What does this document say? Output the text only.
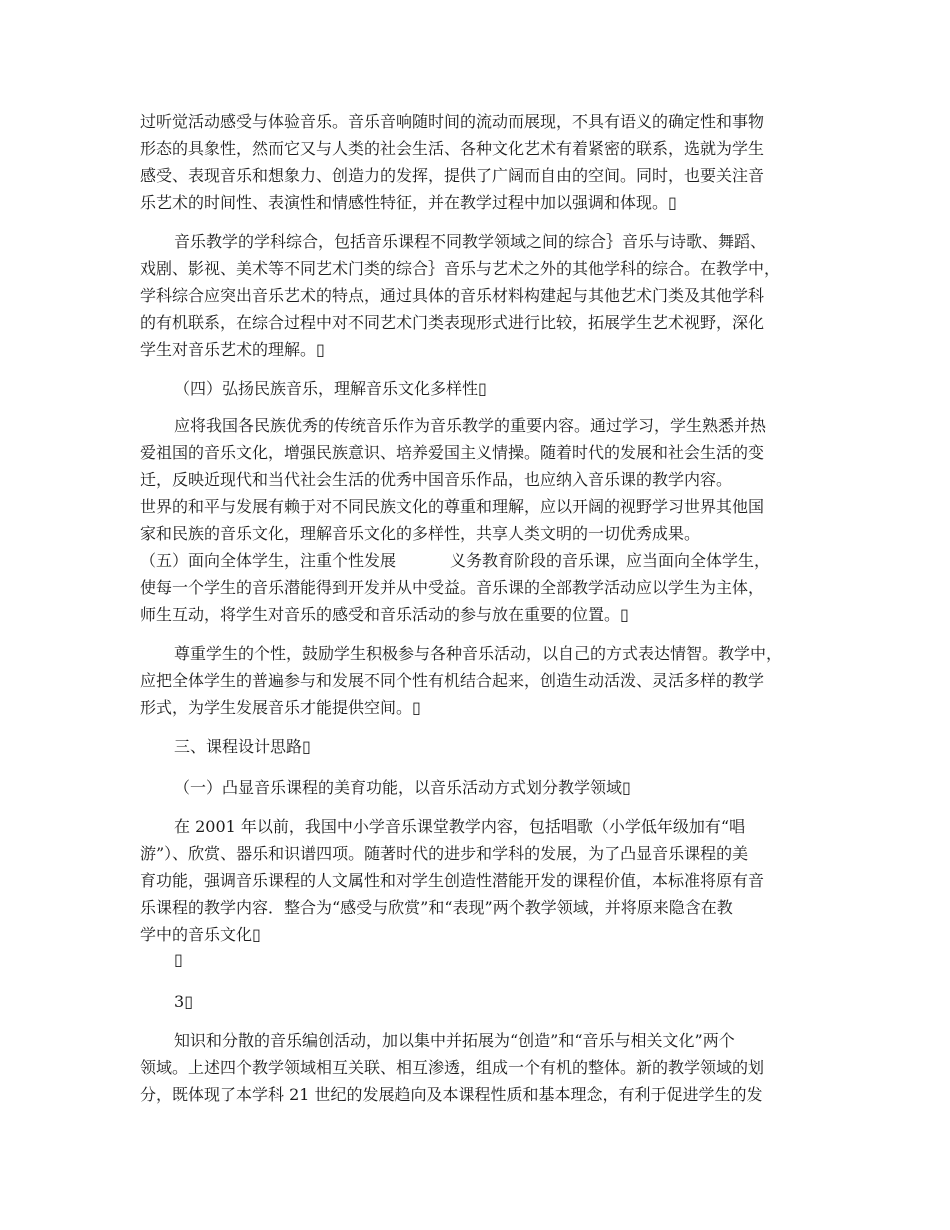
过听觉活动感受与体验音乐。音乐音响随时间的流动而展现，不具有语义的确定性和事物
形态的具象性，然而它又与人类的社会生活、各种文化艺术有着紧密的联系，选就为学生
感受、表现音乐和想象力、创造力的发挥，提供了广阔而自由的空间。同时，也要关注音
乐艺术的时间性、表演性和情感性特征，并在教学过程中加以强调和体现。▯
音乐教学的学科综合，包括音乐课程不同教学领域之间的综合｝音乐与诗歌、舞蹈、
戏剧、影视、美术等不同艺术门类的综合｝音乐与艺术之外的其他学科的综合。在教学中，
学科综合应突出音乐艺术的特点，通过具体的音乐材料构建起与其他艺术门类及其他学科
的有机联系，在综合过程中对不同艺术门类表现形式进行比较，拓展学生艺术视野，深化
学生对音乐艺术的理解。▯
（四）弘扬民族音乐，理解音乐文化多样性▯
应将我国各民族优秀的传统音乐作为音乐教学的重要内容。通过学习，学生熟悉并热
爱祖国的音乐文化，增强民族意识、培养爱国主义情操。随着时代的发展和社会生活的变
迁，反映近现代和当代社会生活的优秀中国音乐作品，也应纳入音乐课的教学内容。
世界的和平与发展有赖于对不同民族文化的尊重和理解，应以开阔的视野学习世界其他国
家和民族的音乐文化，理解音乐文化的多样性，共享人类文明的一切优秀成果。
（五）面向全体学生，注重个性发展	义务教育阶段的音乐课，应当面向全体学生，
使每一个学生的音乐潜能得到开发并从中受益。音乐课的全部教学活动应以学生为主体，
师生互动，将学生对音乐的感受和音乐活动的参与放在重要的位置。▯
尊重学生的个性，鼓励学生积极参与各种音乐活动，以自己的方式表达情智。教学中，
应把全体学生的普遍参与和发展不同个性有机结合起来，创造生动活泼、灵活多样的教学
形式，为学生发展音乐才能提供空间。▯
三、课程设计思路▯
（一）凸显音乐课程的美育功能，以音乐活动方式划分教学领域▯
在 2001 年以前，我国中小学音乐课堂教学内容，包括唱歌（小学低年级加有“唱
游”）、欣赏、器乐和识谱四项。随著时代的进步和学科的发展，为了凸显音乐课程的美
育功能，强调音乐课程的人文属性和对学生创造性潜能开发的课程价值，本标准将原有音
乐课程的教学内容．整合为“感受与欣赏”和“表现”两个教学领域，并将原来隐含在教
学中的音乐文化▯
▯
3▯
知识和分散的音乐编创活动，加以集中并拓展为“创造”和“音乐与相关文化”两个
领域。上述四个教学领域相互关联、相互渗透，组成一个有机的整体。新的教学领域的划
分，既体现了本学科 21 世纪的发展趋向及本课程性质和基本理念，有利于促进学生的发
